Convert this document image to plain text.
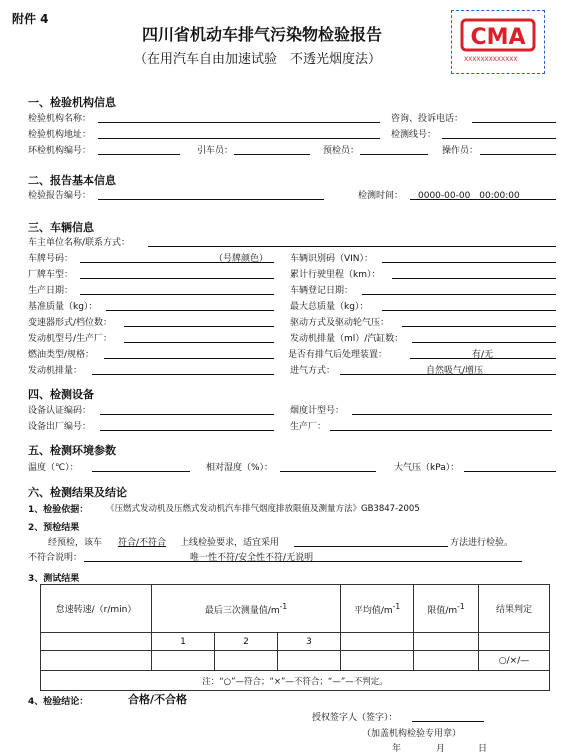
附件 4
四川省机动车排气污染物检验报告
（在用汽车自由加速试验　不透光烟度法）
CMA
XXXXXXXXXXXXX
一、检验机构信息
检验机构名称：	咨询、投诉电话：
检验机构地址：	检测线号：
环检机构编号：	引车员：	预检员：	操作员：
二、报告基本信息
检验报告编号：	检测时间： 0000-00-00　00:00:00
三、车辆信息
车主单位名称/联系方式：
车牌号码：	（号牌颜色） 车辆识别码（VIN）：
厂牌车型：	累计行驶里程（km）：
生产日期：	车辆登记日期：
基准质量（kg）：	最大总质量（kg）：
变速器形式/档位数：	驱动方式及驱动轮气压：
发动机型号/生产厂：	发动机排量（ml）/汽缸数：
燃油类型/规格：	是否有排气后处理装置：	有/无
发动机排量：	进气方式：	自然吸气/增压
四、检测设备
设备认证编码：	烟度计型号：
设备出厂编号：	生产厂：
五、检测环境参数
温度（℃）：	相对湿度（%）：	大气压（kPa）：
六、检测结果及结论
1、检验依据： 《压燃式发动机及压燃式发动机汽车排气烟度排放限值及测量方法》GB3847-2005
2、预检结果
经预检，该车 符合/不符合 上线检验要求，适宜采用	方法进行检验。
不符合说明：	唯一性不符/安全性不符/无说明
3、测试结果
怠速转速/（r/min）	最后三次测量值$/m^{-1}$			平均值$/m^{-1}$	限值$/m^{-1}$	结果判定

	1	2	3			
						○/×/—
注：“○”—符合；“×”—不符合；“—”—不判定。						
4、检验结论：	合格/不合格
授权签字人（签字）：
（加盖机构检验专用章）
年	月	日
